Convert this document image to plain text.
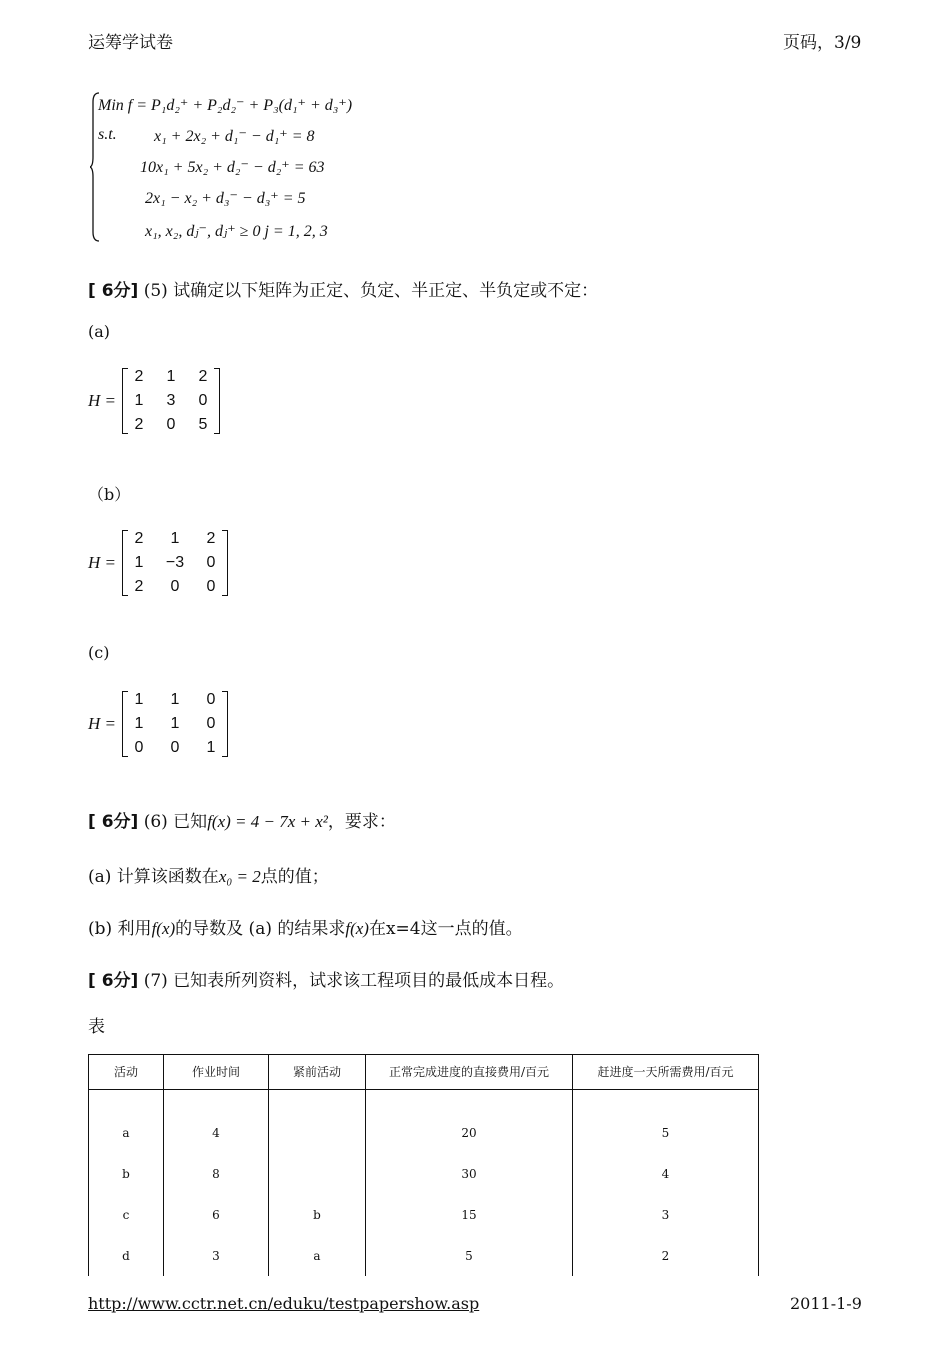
运筹学试卷	页码，3/9
Min f = P₁d₂⁺ + P₂d₂⁻ + P₃(d₁⁺ + d₃⁺)
s.t. x₁ + 2x₂ + d₁⁻ − d₁⁺ = 8
10x₁ + 5x₂ + d₂⁻ − d₂⁺ = 63
2x₁ − x₂ + d₃⁻ − d₃⁺ = 5
x₁, x₂, dⱼ⁻, dⱼ⁺ ≥ 0 j = 1, 2, 3
[ 6分] (5) 试确定以下矩阵为正定、负定、半正定、半负定或不定：
(a)
H =
2 1 2
1 3 0
2 0 5
（b）
H =
2	1	2
1 −3 0
2	0	0
(c)
H =
1	1	0
1	1	0
0	0	1
[ 6分] (6) 已知f(x) = 4 − 7x + x²，要求：
(a) 计算该函数在x₀ = 2点的值；
(b) 利用f(x)的导数及 (a) 的结果求f(x)在x=4这一点的值。
[ 6分] (7) 已知表所列资料，试求该工程项目的最低成本日程。
表
活动	作业时间	紧前活动	正常完成进度的直接费用/百元	赶进度一天所需费用/百元

a	4		20	5
b	8		30	4
c	6	b	15	3
d	3	a	5	2
http://www.cctr.net.cn/eduku/testpapershow.asp	2011-1-9
